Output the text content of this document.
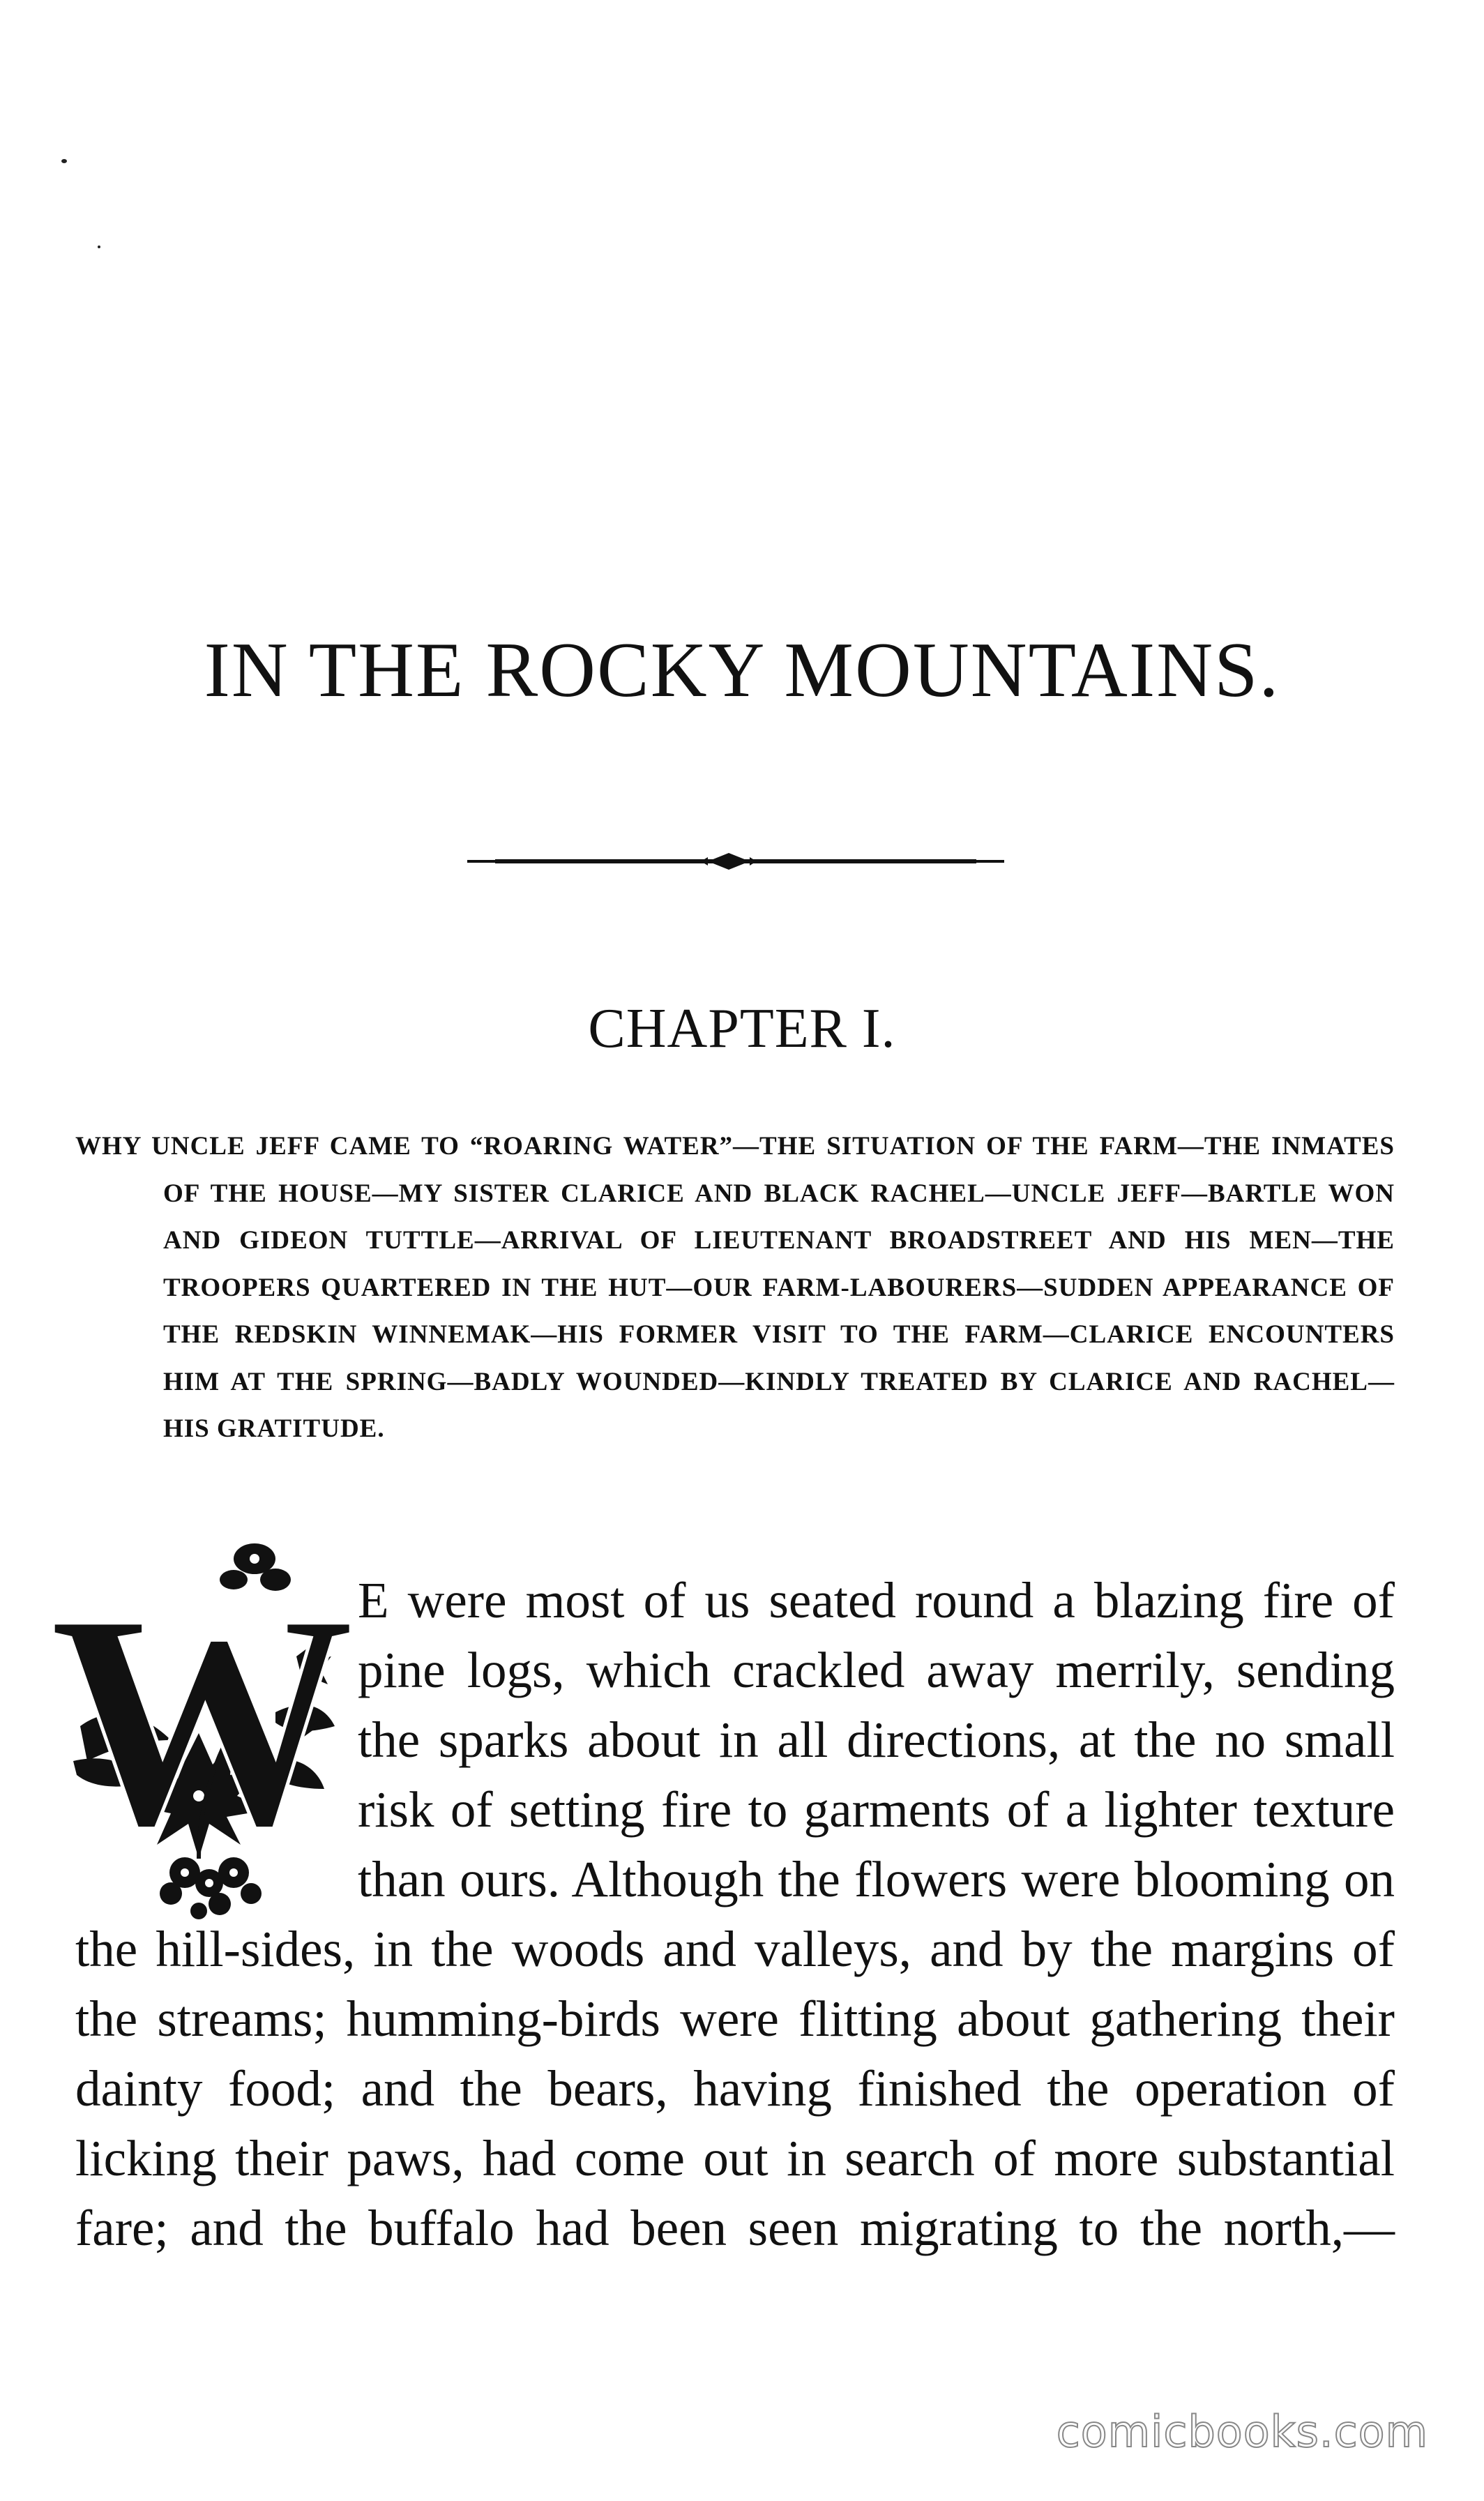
IN THE ROCKY MOUNTAINS.
CHAPTER I.

WHY UNCLE JEFF CAME TO “ROARING WATER”—THE SITUATION OF THE FARM—THE INMATES OF THE HOUSE—MY SISTER CLARICE AND BLACK RACHEL—UNCLE JEFF—BARTLE WON AND GIDEON TUTTLE—ARRIVAL OF LIEUTENANT BROADSTREET AND HIS MEN—THE TROOPERS QUARTERED IN THE HUT—OUR FARM-LABOURERS—SUDDEN APPEARANCE OF THE REDSKIN WINNEMAK—HIS FORMER VISIT TO THE FARM—CLARICE ENCOUNTERS HIM AT THE SPRING—BADLY WOUNDED—KINDLY TREATED BY CLARICE AND RACHEL—HIS GRATITUDE.

W E were most of us seated round a blazing fire of pine logs, which crackled away merrily, sending the sparks about in all directions, at the no small risk of setting fire to garments of a lighter texture than ours. Although the flowers were blooming on the hill-sides, in the woods and valleys, and by the margins of the streams; humming-birds were flitting about gathering their dainty food; and the bears, having finished the operation of licking their paws, had come out in search of more substantial fare; and the buffalo had been seen migrating to the north,—

comicbooks.com
